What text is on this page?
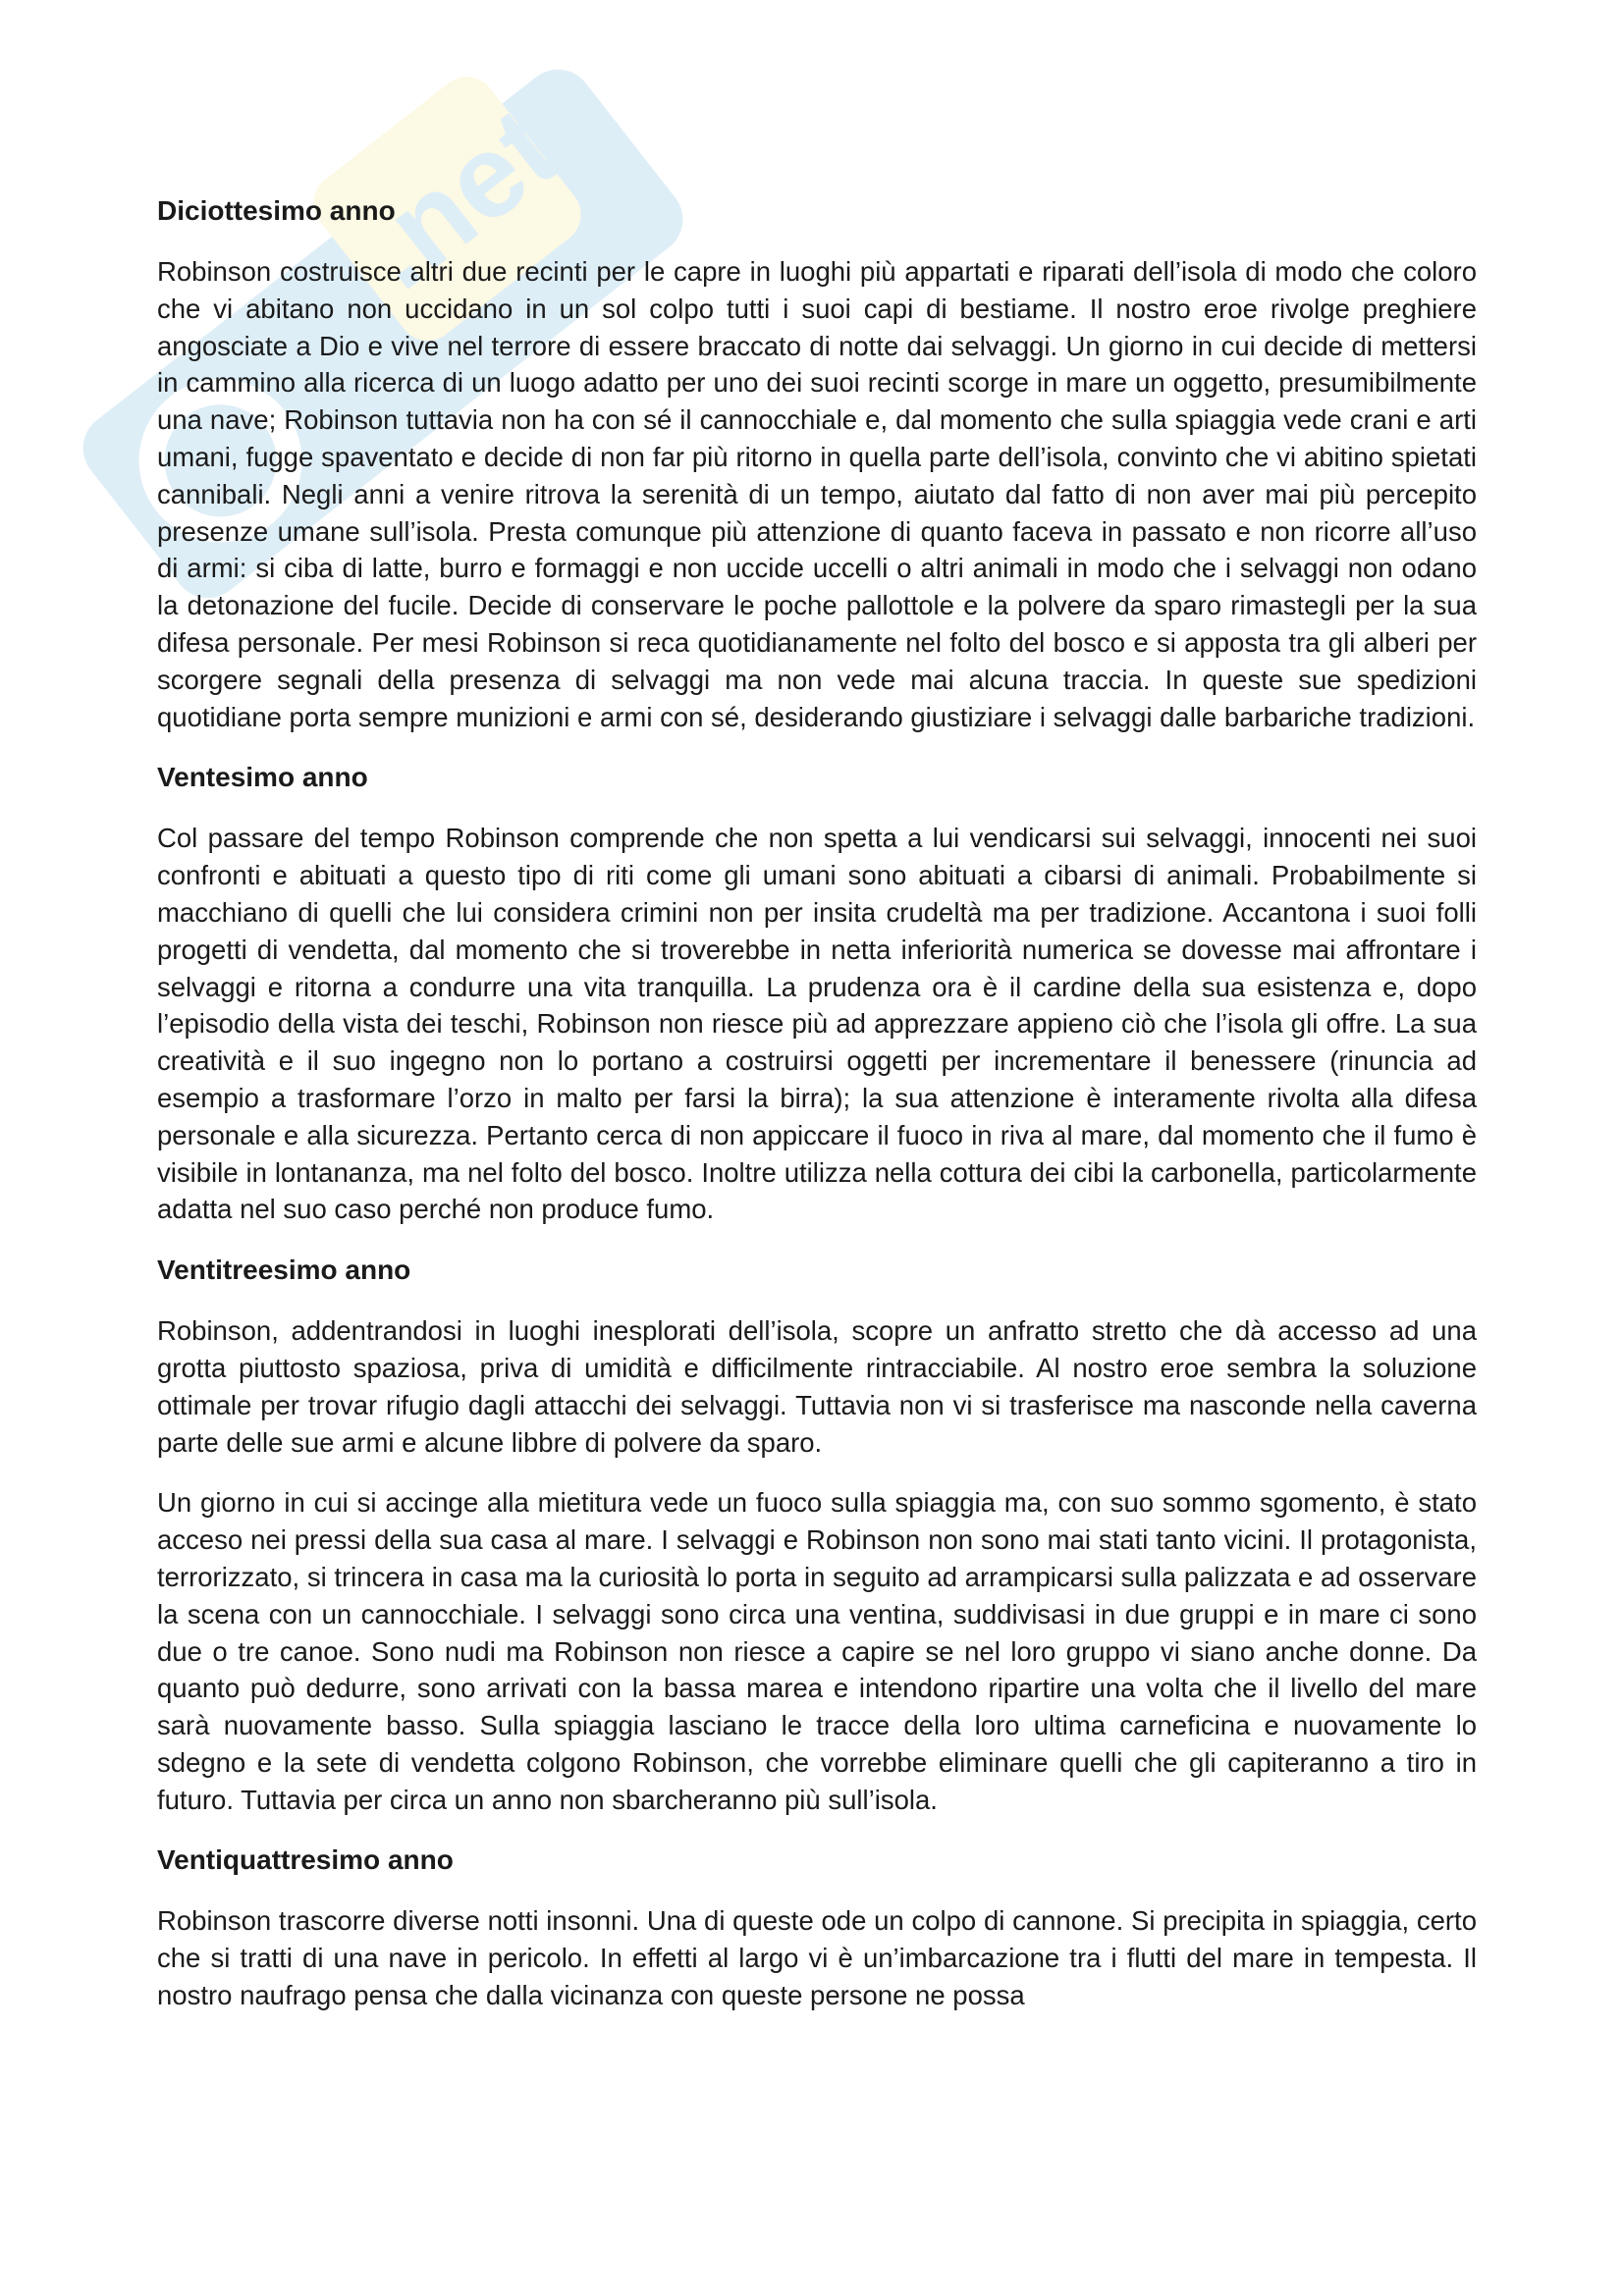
.net
Diciottesimo anno

Robinson costruisce altri due recinti per le capre in luoghi più appartati e riparati dell’isola di modo che coloro che vi abitano non uccidano in un sol colpo tutti i suoi capi di bestiame. Il nostro eroe rivolge preghiere angosciate a Dio e vive nel terrore di essere braccato di notte dai selvaggi. Un giorno in cui decide di mettersi in cammino alla ricerca di un luogo adatto per uno dei suoi recinti scorge in mare un oggetto, presumibilmente una nave; Robinson tuttavia non ha con sé il cannocchiale e, dal momento che sulla spiaggia vede crani e arti umani, fugge spaventato e decide di non far più ritorno in quella parte dell’isola, convinto che vi abitino spietati cannibali. Negli anni a venire ritrova la serenità di un tempo, aiutato dal fatto di non aver mai più percepito presenze umane sull’isola. Presta comunque più attenzione di quanto faceva in passato e non ricorre all’uso di armi: si ciba di latte, burro e formaggi e non uccide uccelli o altri animali in modo che i selvaggi non odano la detonazione del fucile. Decide di conservare le poche pallottole e la polvere da sparo rimastegli per la sua difesa personale. Per mesi Robinson si reca quotidianamente nel folto del bosco e si apposta tra gli alberi per scorgere segnali della presenza di selvaggi ma non vede mai alcuna traccia. In queste sue spedizioni quotidiane porta sempre munizioni e armi con sé, desiderando giustiziare i selvaggi dalle barbariche tradizioni.

Ventesimo anno

Col passare del tempo Robinson comprende che non spetta a lui vendicarsi sui selvaggi, innocenti nei suoi confronti e abituati a questo tipo di riti come gli umani sono abituati a cibarsi di animali. Probabilmente si macchiano di quelli che lui considera crimini non per insita crudeltà ma per tradizione. Accantona i suoi folli progetti di vendetta, dal momento che si troverebbe in netta inferiorità numerica se dovesse mai affrontare i selvaggi e ritorna a condurre una vita tranquilla. La prudenza ora è il cardine della sua esistenza e, dopo l’episodio della vista dei teschi, Robinson non riesce più ad apprezzare appieno ciò che l’isola gli offre. La sua creatività e il suo ingegno non lo portano a costruirsi oggetti per incrementare il benessere (rinuncia ad esempio a trasformare l’orzo in malto per farsi la birra); la sua attenzione è interamente rivolta alla difesa personale e alla sicurezza. Pertanto cerca di non appiccare il fuoco in riva al mare, dal momento che il fumo è visibile in lontananza, ma nel folto del bosco. Inoltre utilizza nella cottura dei cibi la carbonella, particolarmente adatta nel suo caso perché non produce fumo.

Ventitreesimo anno

Robinson, addentrandosi in luoghi inesplorati dell’isola, scopre un anfratto stretto che dà accesso ad una grotta piuttosto spaziosa, priva di umidità e difficilmente rintracciabile. Al nostro eroe sembra la soluzione ottimale per trovar rifugio dagli attacchi dei selvaggi. Tuttavia non vi si trasferisce ma nasconde nella caverna parte delle sue armi e alcune libbre di polvere da sparo.

Un giorno in cui si accinge alla mietitura vede un fuoco sulla spiaggia ma, con suo sommo sgomento, è stato acceso nei pressi della sua casa al mare. I selvaggi e Robinson non sono mai stati tanto vicini. Il protagonista, terrorizzato, si trincera in casa ma la curiosità lo porta in seguito ad arrampicarsi sulla palizzata e ad osservare la scena con un cannocchiale. I selvaggi sono circa una ventina, suddivisasi in due gruppi e in mare ci sono due o tre canoe. Sono nudi ma Robinson non riesce a capire se nel loro gruppo vi siano anche donne. Da quanto può dedurre, sono arrivati con la bassa marea e intendono ripartire una volta che il livello del mare sarà nuovamente basso. Sulla spiaggia lasciano le tracce della loro ultima carneficina e nuovamente lo sdegno e la sete di vendetta colgono Robinson, che vorrebbe eliminare quelli che gli capiteranno a tiro in futuro. Tuttavia per circa un anno non sbarcheranno più sull’isola.

Ventiquattresimo anno

Robinson trascorre diverse notti insonni. Una di queste ode un colpo di cannone. Si precipita in spiaggia, certo che si tratti di una nave in pericolo. In effetti al largo vi è un’imbarcazione tra i flutti del mare in tempesta. Il nostro naufrago pensa che dalla vicinanza con queste persone ne possa
